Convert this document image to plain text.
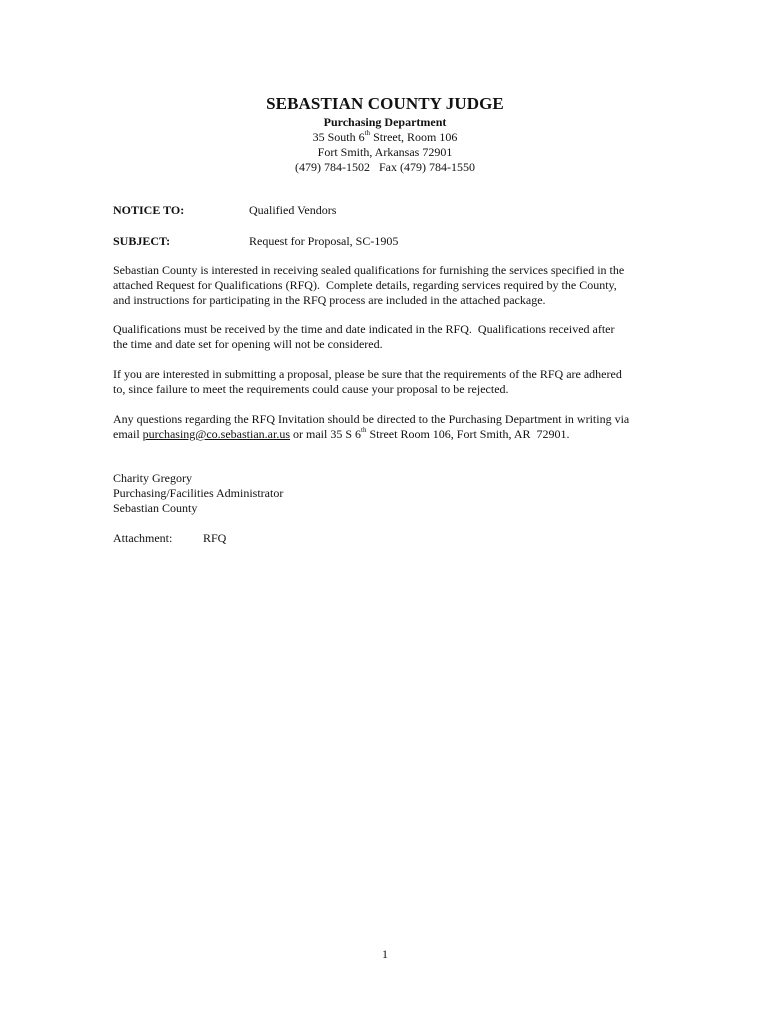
SEBASTIAN COUNTY JUDGE
Purchasing Department
35 South 6th Street, Room 106
Fort Smith, Arkansas 72901
(479) 784-1502   Fax (479) 784-1550
NOTICE TO:	Qualified Vendors
SUBJECT:	Request for Proposal, SC-1905

Sebastian County is interested in receiving sealed qualifications for furnishing the services specified in the

attached Request for Qualifications (RFQ).  Complete details, regarding services required by the County,

and instructions for participating in the RFQ process are included in the attached package.

Qualifications must be received by the time and date indicated in the RFQ.  Qualifications received after

the time and date set for opening will not be considered.

If you are interested in submitting a proposal, please be sure that the requirements of the RFQ are adhered

to, since failure to meet the requirements could cause your proposal to be rejected.

Any questions regarding the RFQ Invitation should be directed to the Purchasing Department in writing via

email purchasing@co.sebastian.ar.us or mail 35 S 6th Street Room 106, Fort Smith, AR  72901.

Charity Gregory

Purchasing/Facilities Administrator

Sebastian County

Attachment:	RFQ
1
